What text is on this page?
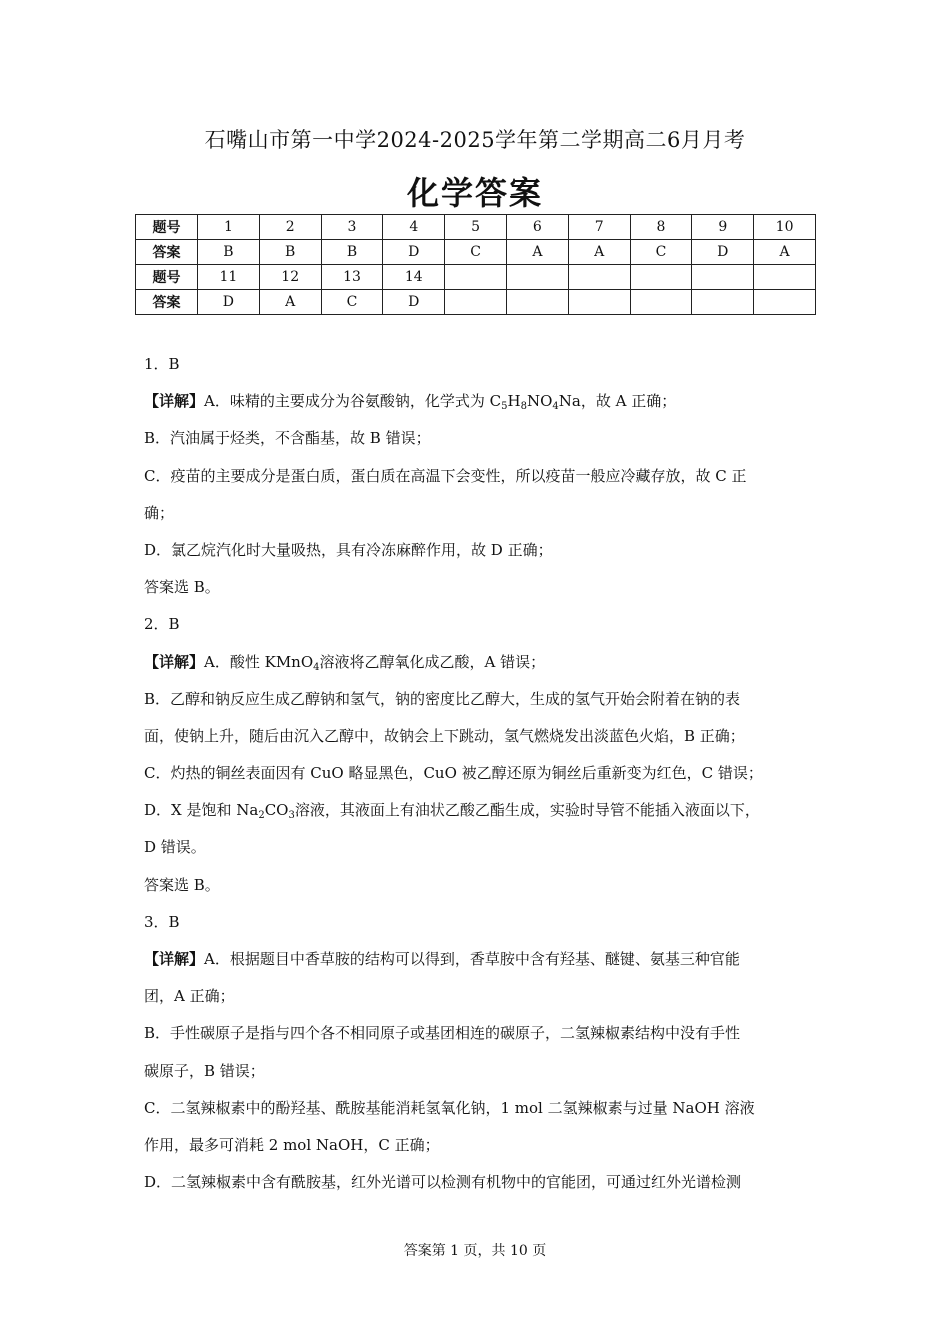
石嘴山市第一中学2024-2025学年第二学期高二6月月考
化学答案
题号	1	2	3	4	5	6	7	8	9	10
答案	B	B	B	D	C	A	A	C	D	A
题号	11	12	13	14						
答案	D	A	C	D						
1．B
【详解】A．味精的主要成分为谷氨酸钠，化学式为 $C_5H_8NO_4Na$，故 A 正确；
B．汽油属于烃类，不含酯基，故 B 错误；
C．疫苗的主要成分是蛋白质，蛋白质在高温下会变性，所以疫苗一般应冷藏存放，故 C 正
确；
D．氯乙烷汽化时大量吸热，具有冷冻麻醉作用，故 D 正确；
答案选 B。
2．B
【详解】A．酸性 KMnO$_4$溶液将乙醇氧化成乙酸，A 错误；
B．乙醇和钠反应生成乙醇钠和氢气，钠的密度比乙醇大，生成的氢气开始会附着在钠的表
面，使钠上升，随后由沉入乙醇中，故钠会上下跳动，氢气燃烧发出淡蓝色火焰，B 正确；
C．灼热的铜丝表面因有 CuO 略显黑色，CuO 被乙醇还原为铜丝后重新变为红色，C 错误；
D．X 是饱和 $Na_2CO_3$溶液，其液面上有油状乙酸乙酯生成，实验时导管不能插入液面以下，
D 错误。
答案选 B。
3．B
【详解】A．根据题目中香草胺的结构可以得到，香草胺中含有羟基、醚键、氨基三种官能
团，A 正确；
B．手性碳原子是指与四个各不相同原子或基团相连的碳原子，二氢辣椒素结构中没有手性
碳原子，B 错误；
C．二氢辣椒素中的酚羟基、酰胺基能消耗氢氧化钠，1 mol 二氢辣椒素与过量 NaOH 溶液
作用，最多可消耗 2 mol NaOH，C 正确；
D．二氢辣椒素中含有酰胺基，红外光谱可以检测有机物中的官能团，可通过红外光谱检测
答案第 1 页，共 10 页
